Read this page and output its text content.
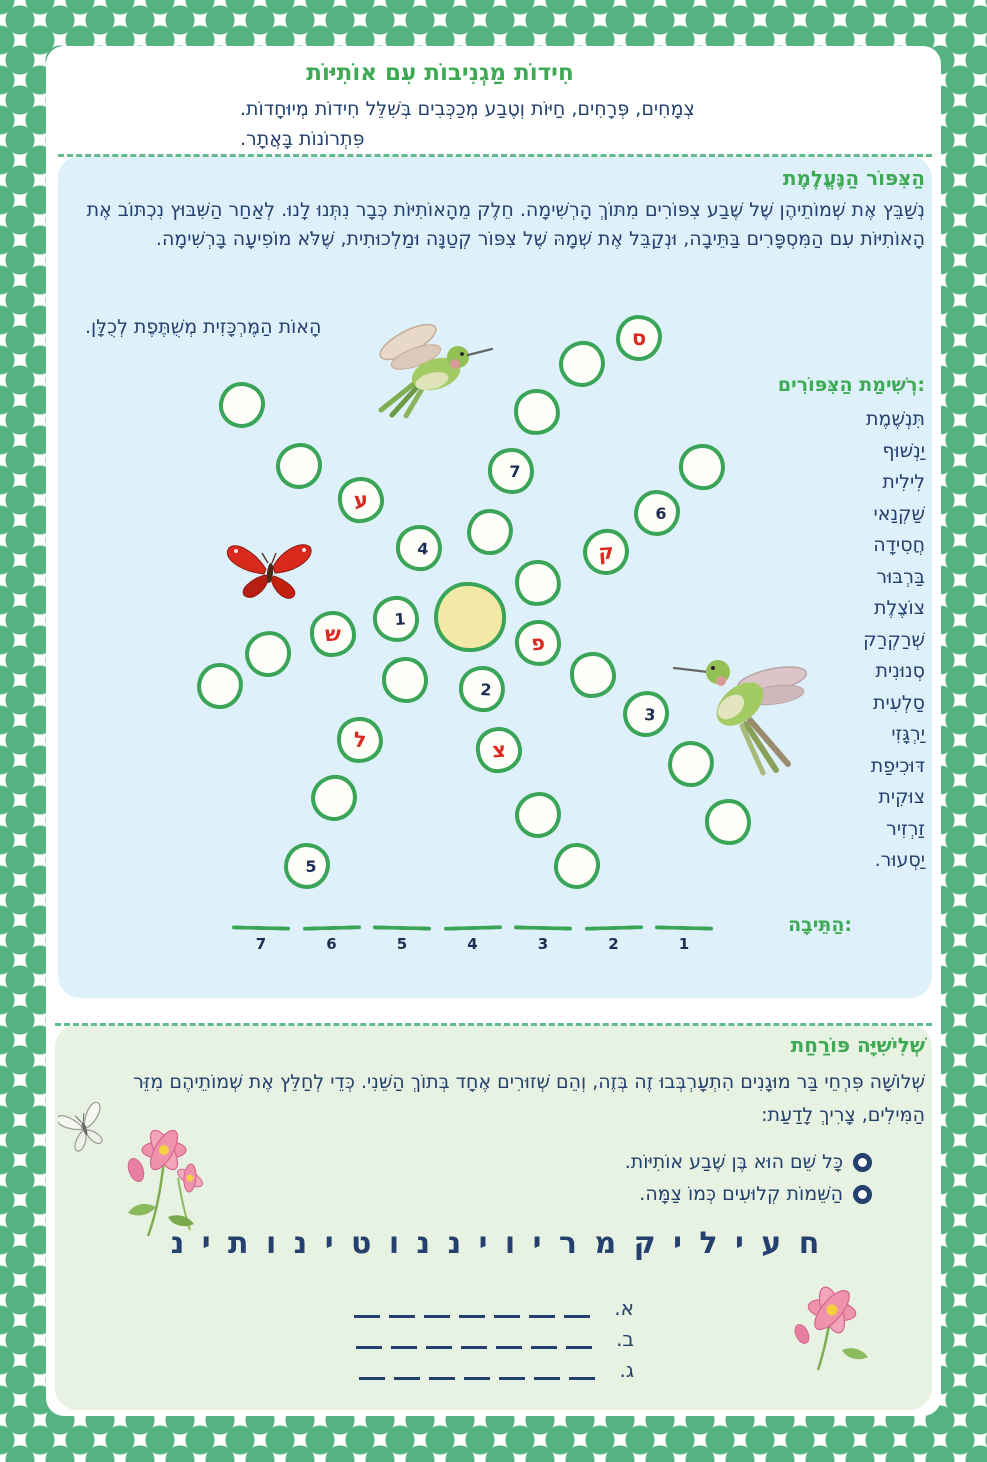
חִידוֹת מַגְנִיבוֹת עִם אוֹתִיּוֹת
צְמָחִים, פְּרָחִים, חַיּוֹת וְטֶבַע מְכַכְּבִים בְּשִׁלֵּל חִידוֹת מְיוּחָדוֹת.
פִּתְרוֹנוֹת בָּאֲתָר.
הַצִּפּוֹר הַנֶּעֱלֶמֶת
נְשַׁבֵּץ אֶת שְׁמוֹתֵיהֶן שֶׁל שֶׁבַע צִפּוֹרִים מִתּוֹךְ הָרְשִׁימָה. חֵלֶק מֵהָאוֹתִיּוֹת כְּבָר נִתְּנוּ לָנוּ. לְאַחַר הַשִּׁבּוּץ נִכְתּוֹב אֶת הָאוֹתִיּוֹת עִם הַמִּסְפָּרִים בַּתֵּיבָה, וּנְקַבֵּל אֶת שְׁמָהּ שֶׁל צִפּוֹר קְטַנָּה וּמַלְכוּתִית, שֶׁלֹּא מוֹפִיעָה בָּרְשִׁימָה.
הָאוֹת הַמֶּרְכָּזִית מְשֻׁתֶּפֶת לְכֻלָּן.
רְשִׁימַת הַצִּפּוֹרִים:
תִּנְשֶׁמֶת
יַנְשׁוּף
לִילִית
שַׁקְנַאי
חֲסִידָה
בַּרְבּוּר
צוֹצֶלֶת
שְׁרַקְרַק
סְנוּנִית
סַלְעִית
יַרְגָּזִי
דּוּכִיפַת
צוּקִית
זַרְזִיר
יַסְעוּר.
7
ס
4
ע
1
ש
ל
5
2
צ
פ
3
ק
6
הַתֵּיבָה:
1
2
3
4
5
6
7
שְׁלִישִׁיָּה פּוֹרַחַת
שְׁלוֹשָׁה פִּרְחֵי בַּר מוּגָנִים הִתְעָרְבְּבוּ זֶה בְּזֶה, וְהֵם שְׁזוּרִים אֶחָד בְּתוֹךְ הַשֵּׁנִי. כְּדֵי לְחַלֵּץ אֶת שְׁמוֹתֵיהֶם מִזֵּר הַמִּילִים, צָרִיךְ לָדַעַת:
כָּל שֵׁם הוּא בֶּן שֶׁבַע אוֹתִיּוֹת.
הַשֵּׁמוֹת קְלוּעִים כְּמוֹ צַמָּה.
ח ע י ל י ק מ ר י ו י נ נ ו ט י נ ו ת י נ
א.
ב.
ג.
